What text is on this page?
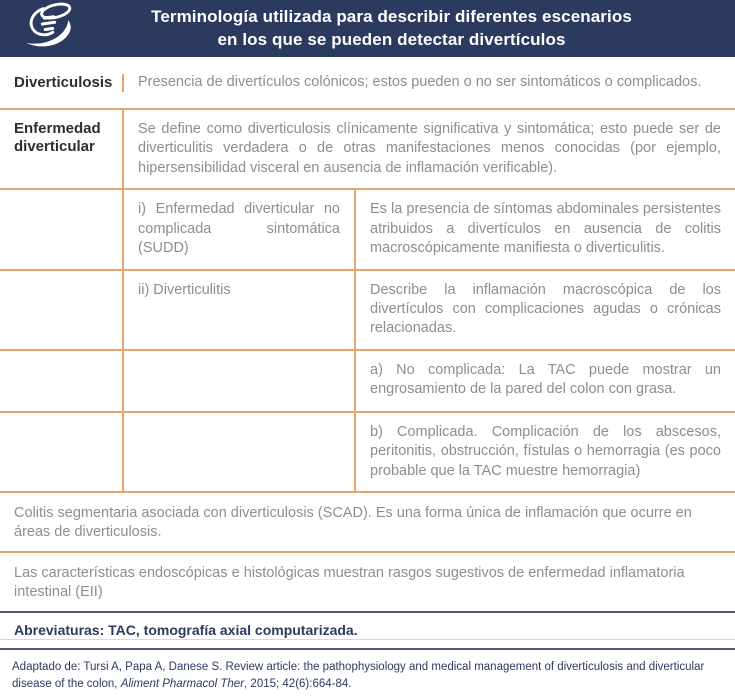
Terminología utilizada para describir diferentes escenarios
en los que se pueden detectar divertículos
Diverticulosis	Presencia de divertículos colónicos; estos pueden o no ser sintomáticos o complicados.
Enfermedad diverticular
Se define como diverticulosis clínicamente significativa y sintomática; esto puede ser de diverticulitis verdadera o de otras manifestaciones menos conocidas (por ejemplo, hipersensibilidad visceral en ausencia de inflamación verificable).
i) Enfermedad diverticular no complicada sintomática (SUDD)
Es la presencia de síntomas abdominales persistentes atribuidos a divertículos en ausencia de colitis macroscópicamente manifiesta o diverticulitis.
ii) Diverticulitis	Describe la inflamación macroscópica de los divertículos con complicaciones agudas o crónicas relacionadas.
a) No complicada: La TAC puede mostrar un engrosamiento de la pared del colon con grasa.
b) Complicada. Complicación de los abscesos, peritonitis, obstrucción, fístulas o hemorragia (es poco probable que la TAC muestre hemorragia)
Colitis segmentaria asociada con diverticulosis (SCAD). Es una forma única de inflamación que ocurre en áreas de diverticulosis.
Las características endoscópicas e histológicas muestran rasgos sugestivos de enfermedad inflamatoria intestinal (EII)
Abreviaturas: TAC, tomografía axial computarizada.
Adaptado de: Tursi A, Papa A, Danese S. Review article: the pathophysiology and medical management of diverticulosis and diverticular disease of the colon, Aliment Pharmacol Ther, 2015; 42(6):664-84.
